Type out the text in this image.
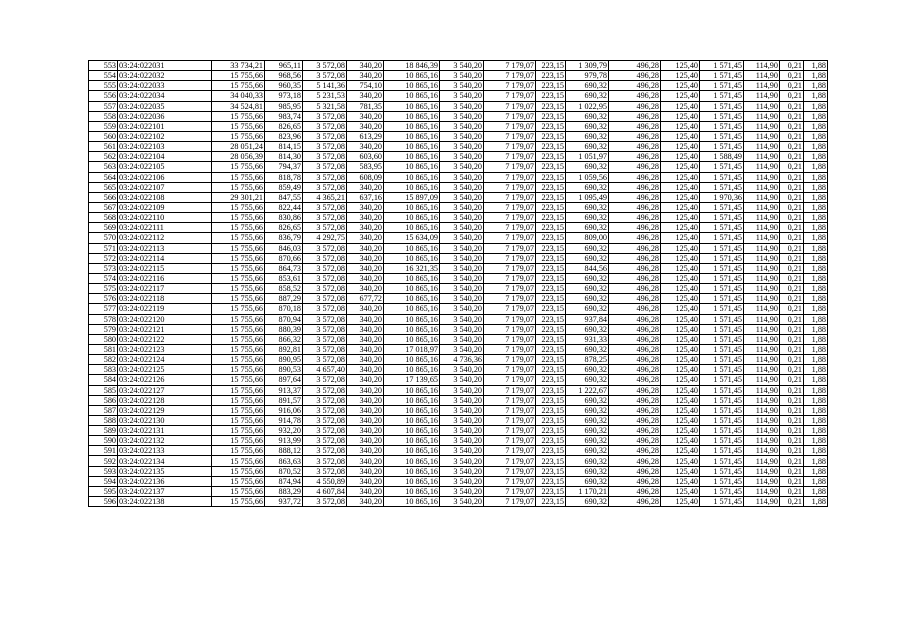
553	03:24:022031	33 734,21	965,11	3 572,08	340,20	18 846,39	3 540,20	7 179,07	223,15	1 309,79	496,28	125,40	1 571,45	114,90	0,21	1,88
554	03:24:022032	15 755,66	968,56	3 572,08	340,20	10 865,16	3 540,20	7 179,07	223,15	979,78	496,28	125,40	1 571,45	114,90	0,21	1,88
555	03:24:022033	15 755,66	960,35	5 141,36	754,10	10 865,16	3 540,20	7 179,07	223,15	690,32	496,28	125,40	1 571,45	114,90	0,21	1,88
556	03:24:022034	34 040,33	973,18	5 231,53	340,20	10 865,16	3 540,20	7 179,07	223,15	690,32	496,28	125,40	1 571,45	114,90	0,21	1,88
557	03:24:022035	34 524,81	985,95	5 321,58	781,35	10 865,16	3 540,20	7 179,07	223,15	1 022,95	496,28	125,40	1 571,45	114,90	0,21	1,88
558	03:24:022036	15 755,66	983,74	3 572,08	340,20	10 865,16	3 540,20	7 179,07	223,15	690,32	496,28	125,40	1 571,45	114,90	0,21	1,88
559	03:24:022101	15 755,66	826,65	3 572,08	340,20	10 865,16	3 540,20	7 179,07	223,15	690,32	496,28	125,40	1 571,45	114,90	0,21	1,88
560	03:24:022102	15 755,66	823,96	3 572,08	613,29	10 865,16	3 540,20	7 179,07	223,15	690,32	496,28	125,40	1 571,45	114,90	0,21	1,88
561	03:24:022103	28 051,24	814,15	3 572,08	340,20	10 865,16	3 540,20	7 179,07	223,15	690,32	496,28	125,40	1 571,45	114,90	0,21	1,88
562	03:24:022104	28 056,39	814,30	3 572,08	603,60	10 865,16	3 540,20	7 179,07	223,15	1 051,97	496,28	125,40	1 588,49	114,90	0,21	1,88
563	03:24:022105	15 755,66	794,37	3 572,08	583,95	10 865,16	3 540,20	7 179,07	223,15	690,32	496,28	125,40	1 571,45	114,90	0,21	1,88
564	03:24:022106	15 755,66	818,78	3 572,08	608,09	10 865,16	3 540,20	7 179,07	223,15	1 059,56	496,28	125,40	1 571,45	114,90	0,21	1,88
565	03:24:022107	15 755,66	859,49	3 572,08	340,20	10 865,16	3 540,20	7 179,07	223,15	690,32	496,28	125,40	1 571,45	114,90	0,21	1,88
566	03:24:022108	29 301,21	847,55	4 365,21	637,16	15 897,09	3 540,20	7 179,07	223,15	1 095,49	496,28	125,40	1 970,36	114,90	0,21	1,88
567	03:24:022109	15 755,66	822,44	3 572,08	340,20	10 865,16	3 540,20	7 179,07	223,15	690,32	496,28	125,40	1 571,45	114,90	0,21	1,88
568	03:24:022110	15 755,66	830,86	3 572,08	340,20	10 865,16	3 540,20	7 179,07	223,15	690,32	496,28	125,40	1 571,45	114,90	0,21	1,88
569	03:24:022111	15 755,66	826,65	3 572,08	340,20	10 865,16	3 540,20	7 179,07	223,15	690,32	496,28	125,40	1 571,45	114,90	0,21	1,88
570	03:24:022112	15 755,66	836,79	4 292,75	340,20	15 634,09	3 540,20	7 179,07	223,15	809,00	496,28	125,40	1 571,45	114,90	0,21	1,88
571	03:24:022113	15 755,66	846,03	3 572,08	340,20	10 865,16	3 540,20	7 179,07	223,15	690,32	496,28	125,40	1 571,45	114,90	0,21	1,88
572	03:24:022114	15 755,66	870,66	3 572,08	340,20	10 865,16	3 540,20	7 179,07	223,15	690,32	496,28	125,40	1 571,45	114,90	0,21	1,88
573	03:24:022115	15 755,66	864,73	3 572,08	340,20	16 321,35	3 540,20	7 179,07	223,15	844,56	496,28	125,40	1 571,45	114,90	0,21	1,88
574	03:24:022116	15 755,66	853,61	3 572,08	340,20	10 865,16	3 540,20	7 179,07	223,15	690,32	496,28	125,40	1 571,45	114,90	0,21	1,88
575	03:24:022117	15 755,66	858,52	3 572,08	340,20	10 865,16	3 540,20	7 179,07	223,15	690,32	496,28	125,40	1 571,45	114,90	0,21	1,88
576	03:24:022118	15 755,66	887,29	3 572,08	677,72	10 865,16	3 540,20	7 179,07	223,15	690,32	496,28	125,40	1 571,45	114,90	0,21	1,88
577	03:24:022119	15 755,66	870,18	3 572,08	340,20	10 865,16	3 540,20	7 179,07	223,15	690,32	496,28	125,40	1 571,45	114,90	0,21	1,88
578	03:24:022120	15 755,66	870,94	3 572,08	340,20	10 865,16	3 540,20	7 179,07	223,15	937,84	496,28	125,40	1 571,45	114,90	0,21	1,88
579	03:24:022121	15 755,66	880,39	3 572,08	340,20	10 865,16	3 540,20	7 179,07	223,15	690,32	496,28	125,40	1 571,45	114,90	0,21	1,88
580	03:24:022122	15 755,66	866,32	3 572,08	340,20	10 865,16	3 540,20	7 179,07	223,15	931,33	496,28	125,40	1 571,45	114,90	0,21	1,88
581	03:24:022123	15 755,66	892,81	3 572,08	340,20	17 018,97	3 540,20	7 179,07	223,15	690,32	496,28	125,40	1 571,45	114,90	0,21	1,88
582	03:24:022124	15 755,66	890,95	3 572,08	340,20	10 865,16	4 736,36	7 179,07	223,15	878,25	496,28	125,40	1 571,45	114,90	0,21	1,88
583	03:24:022125	15 755,66	890,53	4 657,40	340,20	10 865,16	3 540,20	7 179,07	223,15	690,32	496,28	125,40	1 571,45	114,90	0,21	1,88
584	03:24:022126	15 755,66	897,64	3 572,08	340,20	17 139,65	3 540,20	7 179,07	223,15	690,32	496,28	125,40	1 571,45	114,90	0,21	1,88
585	03:24:022127	15 755,66	913,37	3 572,08	340,20	10 865,16	3 540,20	7 179,07	223,15	1 222,67	496,28	125,40	1 571,45	114,90	0,21	1,88
586	03:24:022128	15 755,66	891,57	3 572,08	340,20	10 865,16	3 540,20	7 179,07	223,15	690,32	496,28	125,40	1 571,45	114,90	0,21	1,88
587	03:24:022129	15 755,66	916,06	3 572,08	340,20	10 865,16	3 540,20	7 179,07	223,15	690,32	496,28	125,40	1 571,45	114,90	0,21	1,88
588	03:24:022130	15 755,66	914,78	3 572,08	340,20	10 865,16	3 540,20	7 179,07	223,15	690,32	496,28	125,40	1 571,45	114,90	0,21	1,88
589	03:24:022131	15 755,66	932,20	3 572,08	340,20	10 865,16	3 540,20	7 179,07	223,15	690,32	496,28	125,40	1 571,45	114,90	0,21	1,88
590	03:24:022132	15 755,66	913,99	3 572,08	340,20	10 865,16	3 540,20	7 179,07	223,15	690,32	496,28	125,40	1 571,45	114,90	0,21	1,88
591	03:24:022133	15 755,66	888,12	3 572,08	340,20	10 865,16	3 540,20	7 179,07	223,15	690,32	496,28	125,40	1 571,45	114,90	0,21	1,88
592	03:24:022134	15 755,66	863,63	3 572,08	340,20	10 865,16	3 540,20	7 179,07	223,15	690,32	496,28	125,40	1 571,45	114,90	0,21	1,88
593	03:24:022135	15 755,66	870,52	3 572,08	340,20	10 865,16	3 540,20	7 179,07	223,15	690,32	496,28	125,40	1 571,45	114,90	0,21	1,88
594	03:24:022136	15 755,66	874,94	4 550,89	340,20	10 865,16	3 540,20	7 179,07	223,15	690,32	496,28	125,40	1 571,45	114,90	0,21	1,88
595	03:24:022137	15 755,66	883,29	4 607,84	340,20	10 865,16	3 540,20	7 179,07	223,15	1 170,21	496,28	125,40	1 571,45	114,90	0,21	1,88
596	03:24:022138	15 755,66	937,72	3 572,08	340,20	10 865,16	3 540,20	7 179,07	223,15	690,32	496,28	125,40	1 571,45	114,90	0,21	1,88
